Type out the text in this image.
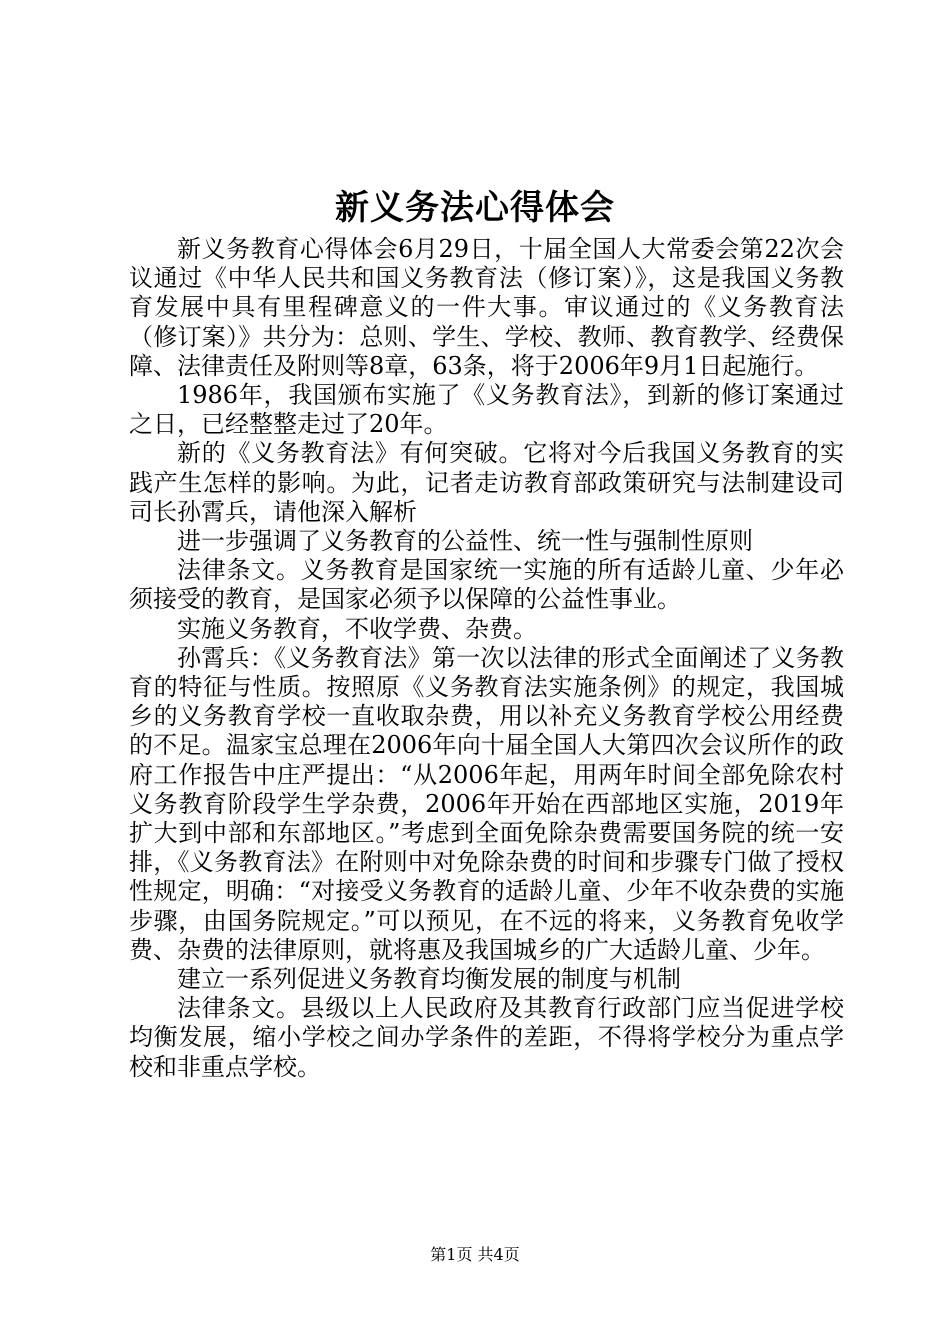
新义务法心得体会

新义务教育心得体会6月29日，十届全国人大常委会第22次会议通过《中华人民共和国义务教育法（修订案）》，这是我国义务教育发展中具有里程碑意义的一件大事。审议通过的《义务教育法（修订案）》共分为：总则、学生、学校、教师、教育教学、经费保障、法律责任及附则等8章，63条，将于2006年9月1日起施行。

1986年，我国颁布实施了《义务教育法》，到新的修订案通过之日，已经整整走过了20年。

新的《义务教育法》有何突破。它将对今后我国义务教育的实践产生怎样的影响。为此，记者走访教育部政策研究与法制建设司司长孙霄兵，请他深入解析

进一步强调了义务教育的公益性、统一性与强制性原则

法律条文。义务教育是国家统一实施的所有适龄儿童、少年必须接受的教育，是国家必须予以保障的公益性事业。

实施义务教育，不收学费、杂费。

孙霄兵：《义务教育法》第一次以法律的形式全面阐述了义务教育的特征与性质。按照原《义务教育法实施条例》的规定，我国城乡的义务教育学校一直收取杂费，用以补充义务教育学校公用经费的不足。温家宝总理在2006年向十届全国人大第四次会议所作的政府工作报告中庄严提出：“从2006年起，用两年时间全部免除农村义务教育阶段学生学杂费，2006年开始在西部地区实施，2019年扩大到中部和东部地区。”考虑到全面免除杂费需要国务院的统一安排，《义务教育法》在附则中对免除杂费的时间和步骤专门做了授权性规定，明确：“对接受义务教育的适龄儿童、少年不收杂费的实施步骤，由国务院规定。”可以预见，在不远的将来，义务教育免收学费、杂费的法律原则，就将惠及我国城乡的广大适龄儿童、少年。

建立一系列促进义务教育均衡发展的制度与机制

法律条文。县级以上人民政府及其教育行政部门应当促进学校均衡发展，缩小学校之间办学条件的差距，不得将学校分为重点学校和非重点学校。

第1页 共4页
